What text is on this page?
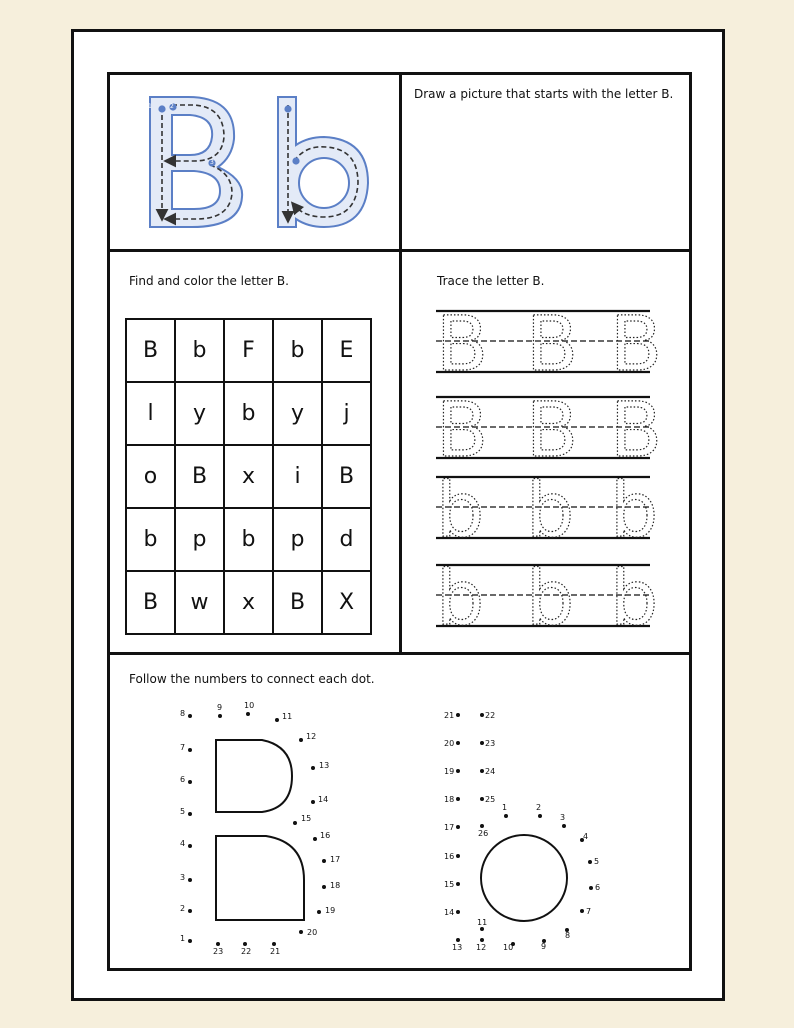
1	2
3
Draw a picture that starts with the letter B.
Find and color the letter B.
B	b	F	b	E
l	y	b	y	j
o	B	x	i	B
b	p	b	p	d
B	w	x	B	X
Trace the letter B.
B B B
B B B
b b b
b b b
Follow the numbers to connect each dot.
1
2
3
4
5
6
7
8
9	10
11
12
13
14
15
16
17
18
19
20
21
22
23
1	2
3
4
5
6
7
8
9
10
11
12
13
14
15
16
17
18
19
20
21	22
23
24
25
26
